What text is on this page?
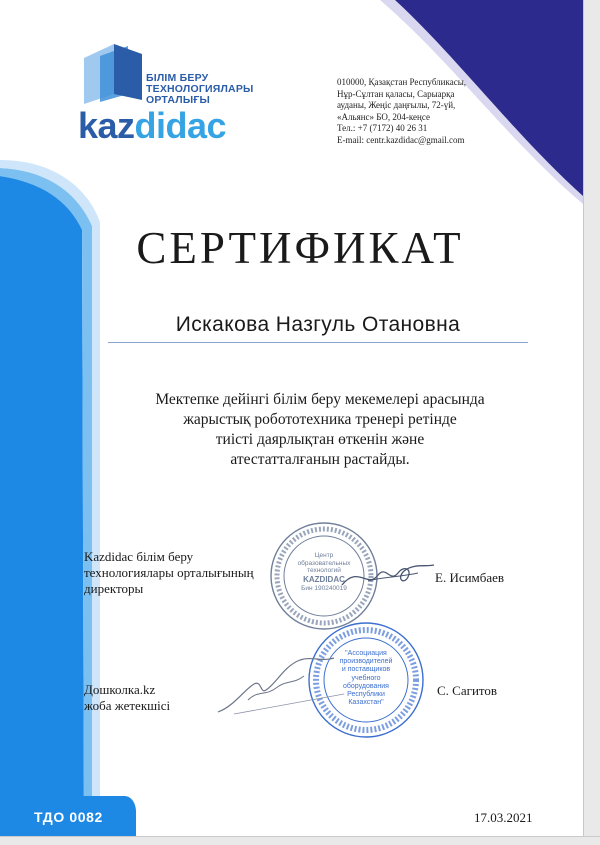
БІЛІМ БЕРУ
ТЕХНОЛОГИЯЛАРЫ
ОРТАЛЫҒЫ
kazdidac
010000, Қазақстан Республикасы,
Нұр-Сұлтан қаласы, Сарыарқа
ауданы, Жеңіс даңғылы, 72-үй,
«Альянс» БО, 204-кеңсе
Тел.: +7 (7172) 40 26 31
E-mail: centr.kazdidac@gmail.com
СЕРТИФИКАТ
Искакова Назгуль Отановна
Мектепке дейінгі білім беру мекемелері арасында
жарыстық робототехника тренері ретінде
тиісті даярлықтан өткенін және
атестатталғанын растайды.
Центр
образовательных
технологий
KAZDIDAC
Бин 190240019
Kazdidac білім беру
технологиялары орталығының
директоры
Е. Исимбаев
"Ассоциация
производителей
и поставщиков
учебного
оборудования
Республики
Казахстан"
Дошколка.kz
жоба жетекшісі
С. Сагитов
ТДО 0082	17.03.2021
